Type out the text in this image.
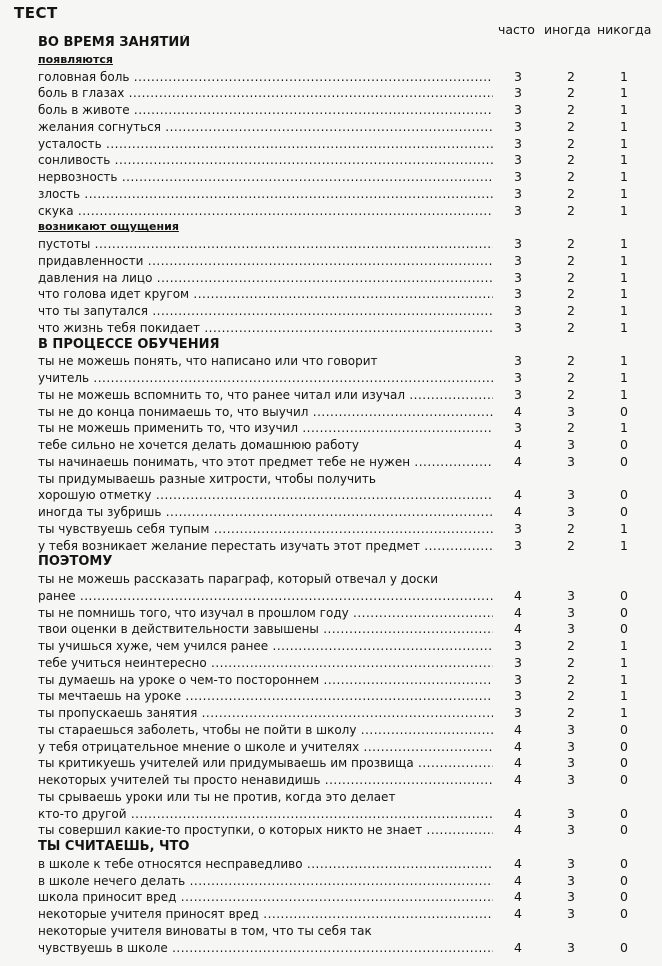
ТЕСТ
часто иногда никогда
ВО ВРЕМЯ ЗАНЯТИЙ
появляются
головная боль .....	3	2	1
боль в глазах .....	3	2	1
боль в животе .....	3	2	1
желания согнуться .....	3	2	1
усталость .....	3	2	1
сонливость .....	3	2	1
нервозность .....	3	2	1
злость .....	3	2	1
скука .....	3	2	1
возникают ощущения
пустоты .....	3	2	1
придавленности .....	3	2	1
давления на лицо .....	3	2	1
что голова идет кругом .....	3	2	1
что ты запутался .....	3	2	1
что жизнь тебя покидает .....	3	2	1
В ПРОЦЕССЕ ОБУЧЕНИЯ
ты не можешь понять, что написано или что говорит	3	2	1
учитель .....	3	2	1
ты не можешь вспомнить то, что ранее читал или изучал .....	3	2	1
ты не до конца понимаешь то, что выучил .....	4	3	0
ты не можешь применить то, что изучил .....	3	2	1
тебе сильно не хочется делать домашнюю работу	4	3	0
ты начинаешь понимать, что этот предмет тебе не нужен .....	4	3	0
ты придумываешь разные хитрости, чтобы получить
хорошую отметку .....	4	3	0
иногда ты зубришь .....	4	3	0
ты чувствуешь себя тупым .....	3	2	1
у тебя возникает желание перестать изучать этот предмет .....	3	2	1
ПОЭТОМУ
ты не можешь рассказать параграф, который отвечал у доски
ранее .....	4	3	0
ты не помнишь того, что изучал в прошлом году .....	4	3	0
твои оценки в действительности завышены .....	4	3	0
ты учишься хуже, чем учился ранее .....	3	2	1
тебе учиться неинтересно .....	3	2	1
ты думаешь на уроке о чем-то постороннем .....	3	2	1
ты мечтаешь на уроке .....	3	2	1
ты пропускаешь занятия .....	3	2	1
ты стараешься заболеть, чтобы не пойти в школу .....	4	3	0
у тебя отрицательное мнение о школе и учителях .....	4	3	0
ты критикуешь учителей или придумываешь им прозвища .....	4	3	0
некоторых учителей ты просто ненавидишь .....	4	3	0
ты срываешь уроки или ты не против, когда это делает
кто-то другой .....	4	3	0
ты совершил какие-то проступки, о которых никто не знает .....	4	3	0
ТЫ СЧИТАЕШЬ, ЧТО
в школе к тебе относятся несправедливо .....	4	3	0
в школе нечего делать .....	4	3	0
школа приносит вред .....	4	3	0
некоторые учителя приносят вред .....	4	3	0
некоторые учителя виноваты в том, что ты себя так
чувствуешь в школе .....	4	3	0
